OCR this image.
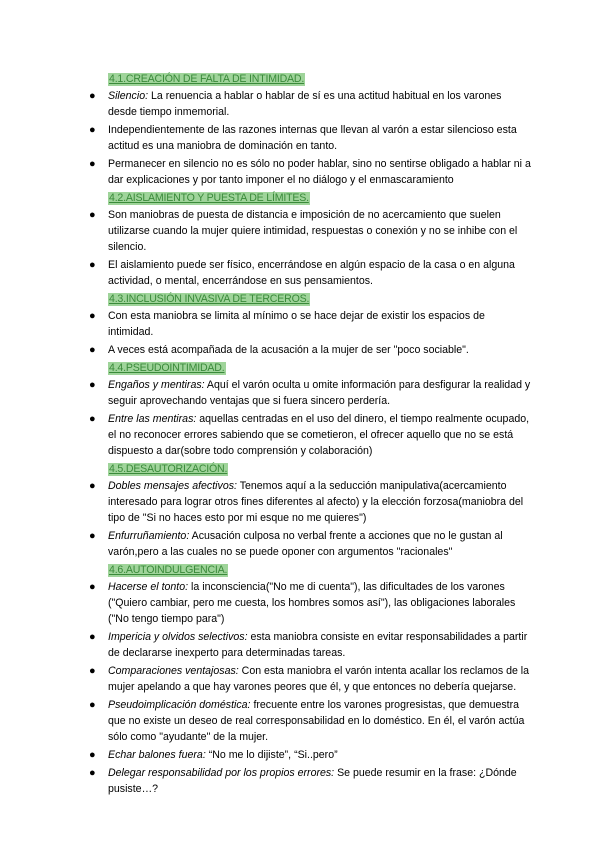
4.1.CREACIÓN DE FALTA DE INTIMIDAD.
● Silencio: La renuencia a hablar o hablar de sí es una actitud habitual en los varones desde tiempo inmemorial.
● Independientemente de las razones internas que llevan al varón a estar silencioso esta actitud es una maniobra de dominación en tanto.
● Permanecer en silencio no es sólo no poder hablar, sino no sentirse obligado a hablar ni a dar explicaciones y por tanto imponer el no diálogo y el enmascaramiento
4.2.AISLAMIENTO Y PUESTA DE LÍMITES.
● Son maniobras de puesta de distancia e imposición de no acercamiento que suelen utilizarse cuando la mujer quiere intimidad, respuestas o conexión y no se inhibe con el silencio.
● El aislamiento puede ser físico, encerrándose en algún espacio de la casa o en alguna actividad, o mental, encerrándose en sus pensamientos.
4.3.INCLUSIÓN INVASIVA DE TERCEROS.
● Con esta maniobra se limita al mínimo o se hace dejar de existir los espacios de intimidad.
● A veces está acompañada de la acusación a la mujer de ser "poco sociable".
4.4.PSEUDOINTIMIDAD.
● Engaños y mentiras: Aquí el varón oculta u omite información para desfigurar la realidad y seguir aprovechando ventajas que si fuera sincero perdería.
● Entre las mentiras: aquellas centradas en el uso del dinero, el tiempo realmente ocupado, el no reconocer errores sabiendo que se cometieron, el ofrecer aquello que no se está dispuesto a dar(sobre todo comprensión y colaboración)
4.5.DESAUTORIZACIÓN.
● Dobles mensajes afectivos: Tenemos aquí a la seducción manipulativa(acercamiento interesado para lograr otros fines diferentes al afecto) y la elección forzosa(maniobra del tipo de "Si no haces esto por mi esque no me quieres")
● Enfurruñamiento: Acusación culposa no verbal frente a acciones que no le gustan al varón,pero a las cuales no se puede oponer con argumentos "racionales"
4.6.AUTOINDULGENCIA.
● Hacerse el tonto: la inconsciencia("No me di cuenta"), las dificultades de los varones ("Quiero cambiar, pero me cuesta, los hombres somos así"), las obligaciones laborales ("No tengo tiempo para")
● Impericia y olvidos selectivos: esta maniobra consiste en evitar responsabilidades a partir de declararse inexperto para determinadas tareas.
● Comparaciones ventajosas: Con esta maniobra el varón intenta acallar los reclamos de la mujer apelando a que hay varones peores que él, y que entonces no debería quejarse.
● Pseudoimplicación doméstica: frecuente entre los varones progresistas, que demuestra que no existe un deseo de real corresponsabilidad en lo doméstico. En él, el varón actúa sólo como "ayudante" de la mujer.
● Echar balones fuera: “No me lo dijiste”, “Si..pero”
● Delegar responsabilidad por los propios errores: Se puede resumir en la frase: ¿Dónde pusiste…?
